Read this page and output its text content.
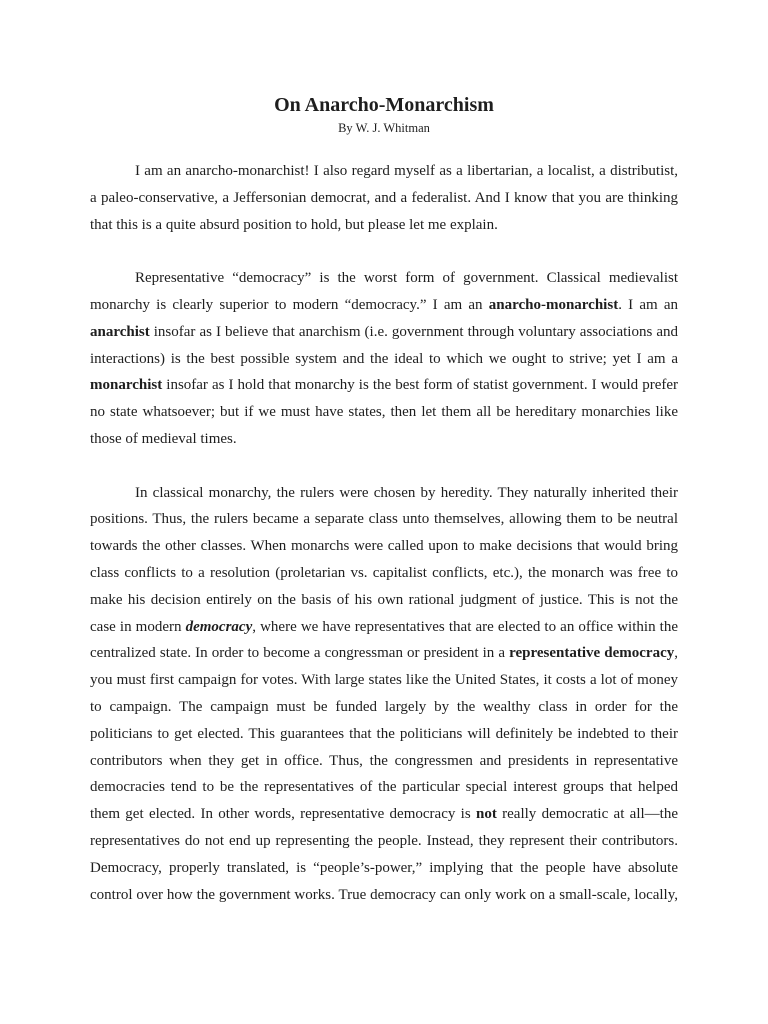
On Anarcho-Monarchism
By W. J. Whitman
I am an anarcho-monarchist! I also regard myself as a libertarian, a localist, a distributist,
a paleo-conservative, a Jeffersonian democrat, and a federalist. And I know that you are thinking
that this is a quite absurd position to hold, but please let me explain.
Representative “democracy” is the worst form of government. Classical medievalist
monarchy is clearly superior to modern “democracy.” I am an anarcho-monarchist. I am an
anarchist insofar as I believe that anarchism (i.e. government through voluntary associations and
interactions) is the best possible system and the ideal to which we ought to strive; yet I am a
monarchist insofar as I hold that monarchy is the best form of statist government. I would prefer
no state whatsoever; but if we must have states, then let them all be hereditary monarchies like
those of medieval times.
In classical monarchy, the rulers were chosen by heredity. They naturally inherited their
positions. Thus, the rulers became a separate class unto themselves, allowing them to be neutral
towards the other classes. When monarchs were called upon to make decisions that would bring
class conflicts to a resolution (proletarian vs. capitalist conflicts, etc.), the monarch was free to
make his decision entirely on the basis of his own rational judgment of justice. This is not the
case in modern democracy, where we have representatives that are elected to an office within the
centralized state. In order to become a congressman or president in a representative democracy,
you must first campaign for votes. With large states like the United States, it costs a lot of money
to campaign. The campaign must be funded largely by the wealthy class in order for the
politicians to get elected. This guarantees that the politicians will definitely be indebted to their
contributors when they get in office. Thus, the congressmen and presidents in representative
democracies tend to be the representatives of the particular special interest groups that helped
them get elected. In other words, representative democracy is not really democratic at all—the
representatives do not end up representing the people. Instead, they represent their contributors.
Democracy, properly translated, is “people’s-power,” implying that the people have absolute
control over how the government works. True democracy can only work on a small-scale, locally,
